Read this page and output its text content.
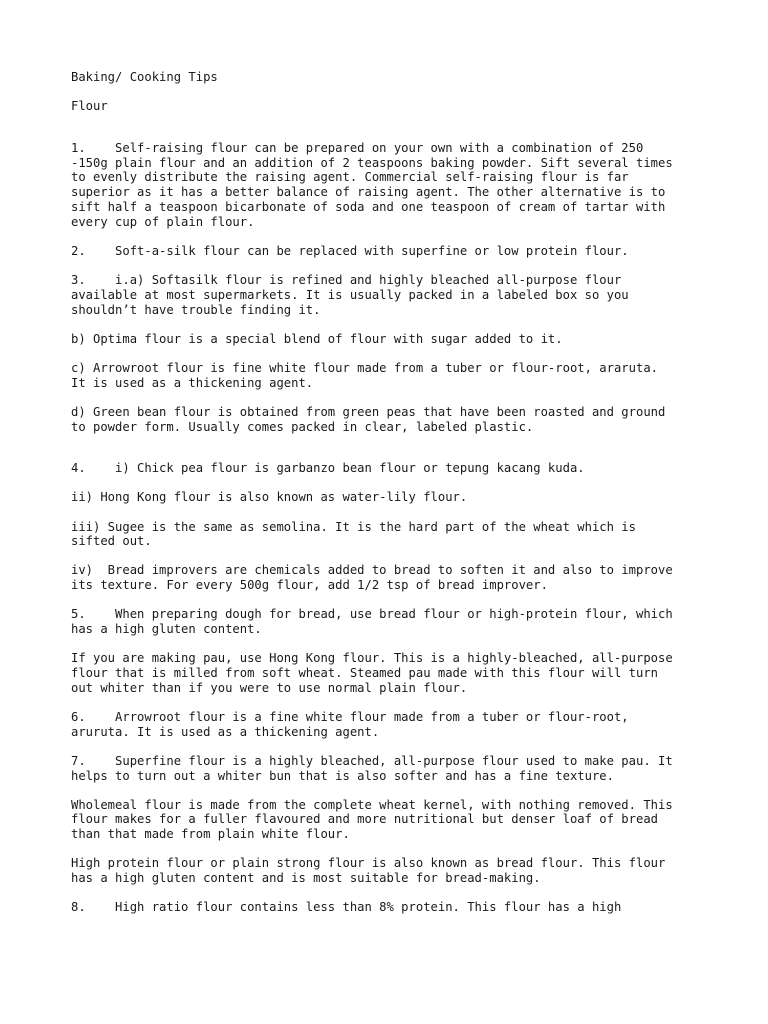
Baking/ Cooking Tips

Flour

1.    Self-raising flour can be prepared on your own with a combination of 250
-150g plain flour and an addition of 2 teaspoons baking powder. Sift several times
to evenly distribute the raising agent. Commercial self-raising flour is far
superior as it has a better balance of raising agent. The other alternative is to
sift half a teaspoon bicarbonate of soda and one teaspoon of cream of tartar with
every cup of plain flour.

2.    Soft-a-silk flour can be replaced with superfine or low protein flour.

3.    i.a) Softasilk flour is refined and highly bleached all-purpose flour
available at most supermarkets. It is usually packed in a labeled box so you
shouldn’t have trouble finding it.

b) Optima flour is a special blend of flour with sugar added to it.

c) Arrowroot flour is fine white flour made from a tuber or flour-root, araruta.
It is used as a thickening agent.

d) Green bean flour is obtained from green peas that have been roasted and ground
to powder form. Usually comes packed in clear, labeled plastic.

4.    i) Chick pea flour is garbanzo bean flour or tepung kacang kuda.

ii) Hong Kong flour is also known as water-lily flour.

iii) Sugee is the same as semolina. It is the hard part of the wheat which is
sifted out.

iv)  Bread improvers are chemicals added to bread to soften it and also to improve
its texture. For every 500g flour, add 1/2 tsp of bread improver.

5.    When preparing dough for bread, use bread flour or high-protein flour, which
has a high gluten content.

If you are making pau, use Hong Kong flour. This is a highly-bleached, all-purpose
flour that is milled from soft wheat. Steamed pau made with this flour will turn
out whiter than if you were to use normal plain flour.

6.    Arrowroot flour is a fine white flour made from a tuber or flour-root,
aruruta. It is used as a thickening agent.

7.    Superfine flour is a highly bleached, all-purpose flour used to make pau. It
helps to turn out a whiter bun that is also softer and has a fine texture.

Wholemeal flour is made from the complete wheat kernel, with nothing removed. This
flour makes for a fuller flavoured and more nutritional but denser loaf of bread
than that made from plain white flour.

High protein flour or plain strong flour is also known as bread flour. This flour
has a high gluten content and is most suitable for bread-making.

8.    High ratio flour contains less than 8% protein. This flour has a high
